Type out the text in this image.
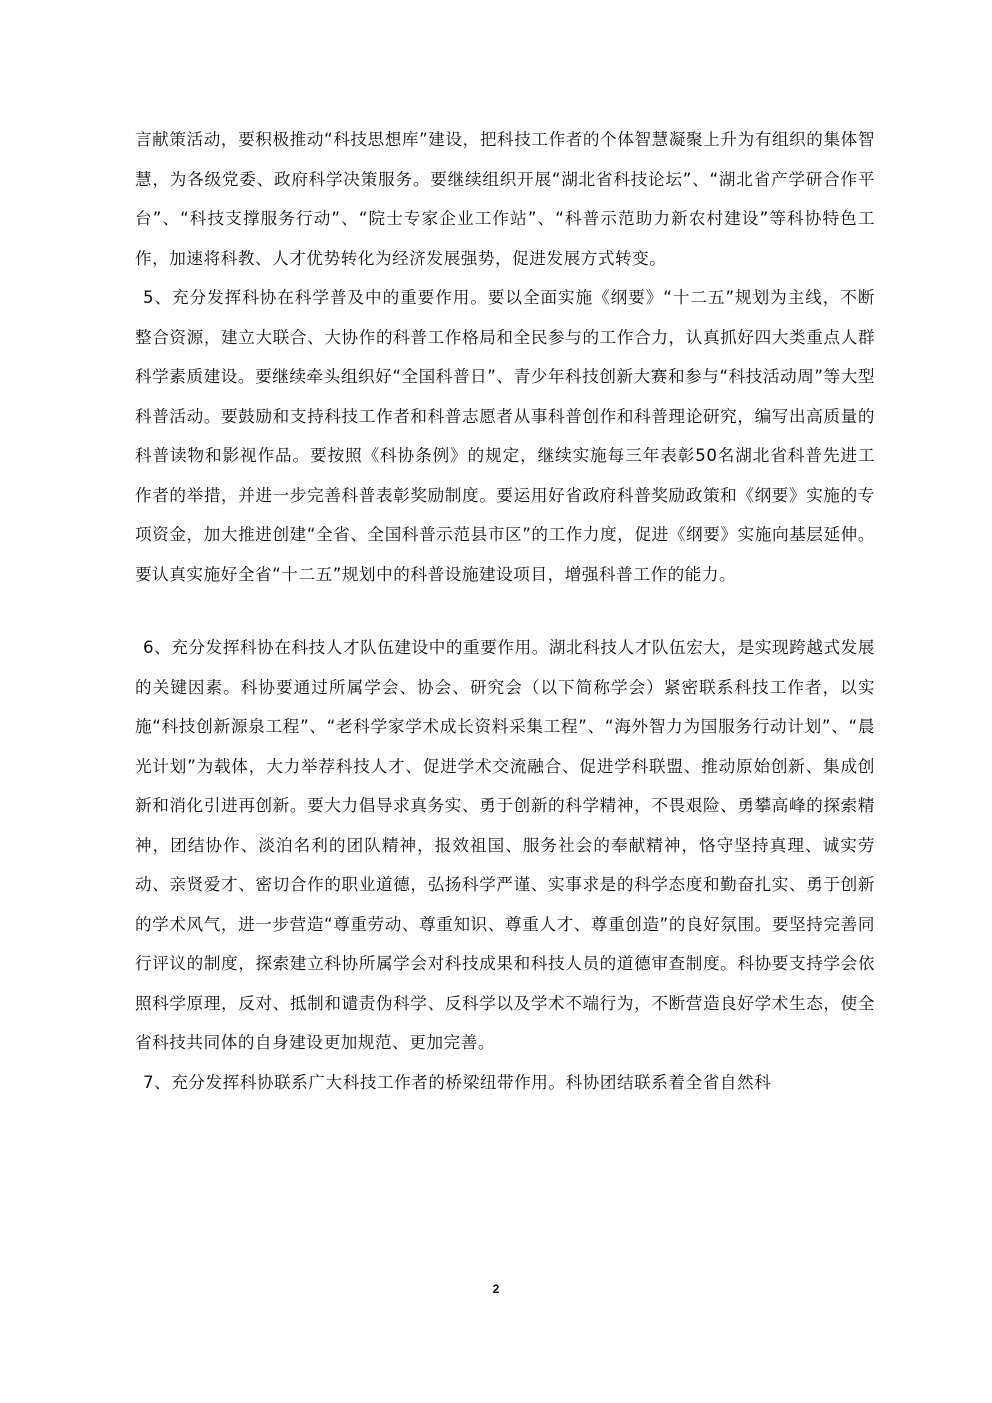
言献策活动，要积极推动“科技思想库”建设，把科技工作者的个体智慧凝聚上升为有组织的集体智慧，为各级党委、政府科学决策服务。要继续组织开展“湖北省科技论坛”、“湖北省产学研合作平台”、“科技支撑服务行动”、“院士专家企业工作站”、“科普示范助力新农村建设”等科协特色工作，加速将科教、人才优势转化为经济发展强势，促进发展方式转变。

5、充分发挥科协在科学普及中的重要作用。要以全面实施《纲要》“十二五”规划为主线，不断整合资源，建立大联合、大协作的科普工作格局和全民参与的工作合力，认真抓好四大类重点人群科学素质建设。要继续牵头组织好“全国科普日”、青少年科技创新大赛和参与“科技活动周”等大型科普活动。要鼓励和支持科技工作者和科普志愿者从事科普创作和科普理论研究，编写出高质量的科普读物和影视作品。要按照《科协条例》的规定，继续实施每三年表彰50名湖北省科普先进工作者的举措，并进一步完善科普表彰奖励制度。要运用好省政府科普奖励政策和《纲要》实施的专项资金，加大推进创建“全省、全国科普示范县市区”的工作力度，促进《纲要》实施向基层延伸。要认真实施好全省“十二五”规划中的科普设施建设项目，增强科普工作的能力。

6、充分发挥科协在科技人才队伍建设中的重要作用。湖北科技人才队伍宏大，是实现跨越式发展的关键因素。科协要通过所属学会、协会、研究会（以下简称学会）紧密联系科技工作者，以实施“科技创新源泉工程”、“老科学家学术成长资料采集工程”、“海外智力为国服务行动计划”、“晨光计划”为载体，大力举荐科技人才、促进学术交流融合、促进学科联盟、推动原始创新、集成创新和消化引进再创新。要大力倡导求真务实、勇于创新的科学精神，不畏艰险、勇攀高峰的探索精神，团结协作、淡泊名利的团队精神，报效祖国、服务社会的奉献精神，恪守坚持真理、诚实劳动、亲贤爱才、密切合作的职业道德，弘扬科学严谨、实事求是的科学态度和勤奋扎实、勇于创新的学术风气，进一步营造“尊重劳动、尊重知识、尊重人才、尊重创造”的良好氛围。要坚持完善同行评议的制度，探索建立科协所属学会对科技成果和科技人员的道德审查制度。科协要支持学会依照科学原理，反对、抵制和谴责伪科学、反科学以及学术不端行为，不断营造良好学术生态，使全省科技共同体的自身建设更加规范、更加完善。

7、充分发挥科协联系广大科技工作者的桥梁纽带作用。科协团结联系着全省自然科

2
